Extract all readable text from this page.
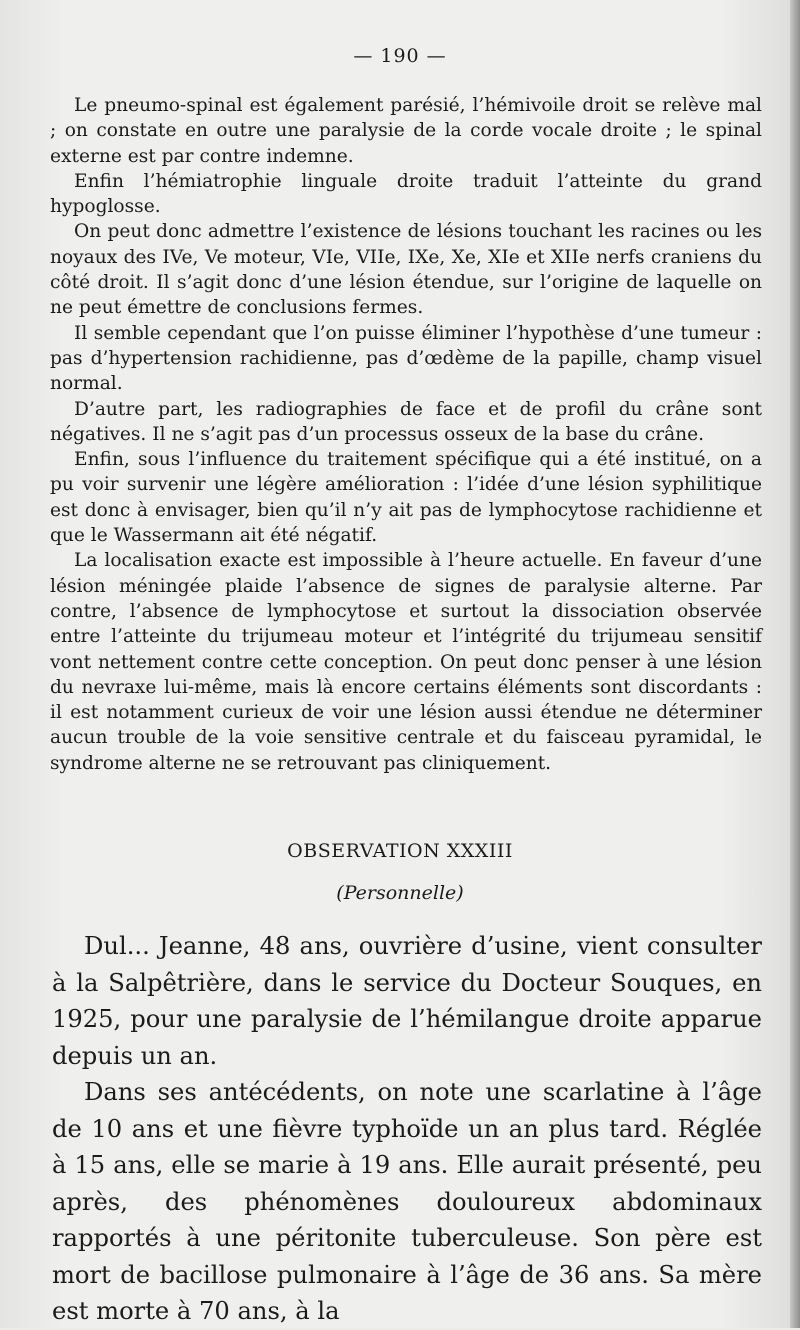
— 190 —

Le pneumo-spinal est également parésié, l’hémivoile droit se relève mal ; on constate en outre une paralysie de la corde vocale droite ; le spinal externe est par contre indemne.

Enfin l’hémiatrophie linguale droite traduit l’atteinte du grand hypoglosse.

On peut donc admettre l’existence de lésions touchant les racines ou les noyaux des IVe, Ve moteur, VIe, VIIe, IXe, Xe, XIe et XIIe nerfs craniens du côté droit. Il s’agit donc d’une lésion étendue, sur l’origine de laquelle on ne peut émettre de conclusions fermes.

Il semble cependant que l’on puisse éliminer l’hypothèse d’une tumeur : pas d’hypertension rachidienne, pas d’œdème de la papille, champ visuel normal.

D’autre part, les radiographies de face et de profil du crâne sont négatives. Il ne s’agit pas d’un processus osseux de la base du crâne.

Enfin, sous l’influence du traitement spécifique qui a été institué, on a pu voir survenir une légère amélioration : l’idée d’une lésion syphilitique est donc à envisager, bien qu’il n’y ait pas de lymphocytose rachidienne et que le Wassermann ait été négatif.

La localisation exacte est impossible à l’heure actuelle. En faveur d’une lésion méningée plaide l’absence de signes de paralysie alterne. Par contre, l’absence de lymphocytose et surtout la dissociation observée entre l’atteinte du trijumeau moteur et l’intégrité du trijumeau sensitif vont nettement contre cette conception. On peut donc penser à une lésion du nevraxe lui-même, mais là encore certains éléments sont discordants : il est notamment curieux de voir une lésion aussi étendue ne déterminer aucun trouble de la voie sensitive centrale et du faisceau pyramidal, le syndrome alterne ne se retrouvant pas cliniquement.

OBSERVATION XXXIII
(Personnelle)

Dul... Jeanne, 48 ans, ouvrière d’usine, vient consulter à la Salpêtrière, dans le service du Docteur Souques, en 1925, pour une paralysie de l’hémilangue droite apparue depuis un an.

Dans ses antécédents, on note une scarlatine à l’âge de 10 ans et une fièvre typhoïde un an plus tard. Réglée à 15 ans, elle se marie à 19 ans. Elle aurait présenté, peu après, des phénomènes douloureux abdominaux rapportés à une péritonite tuberculeuse. Son père est mort de bacillose pulmonaire à l’âge de 36 ans. Sa mère est morte à 70 ans, à la
